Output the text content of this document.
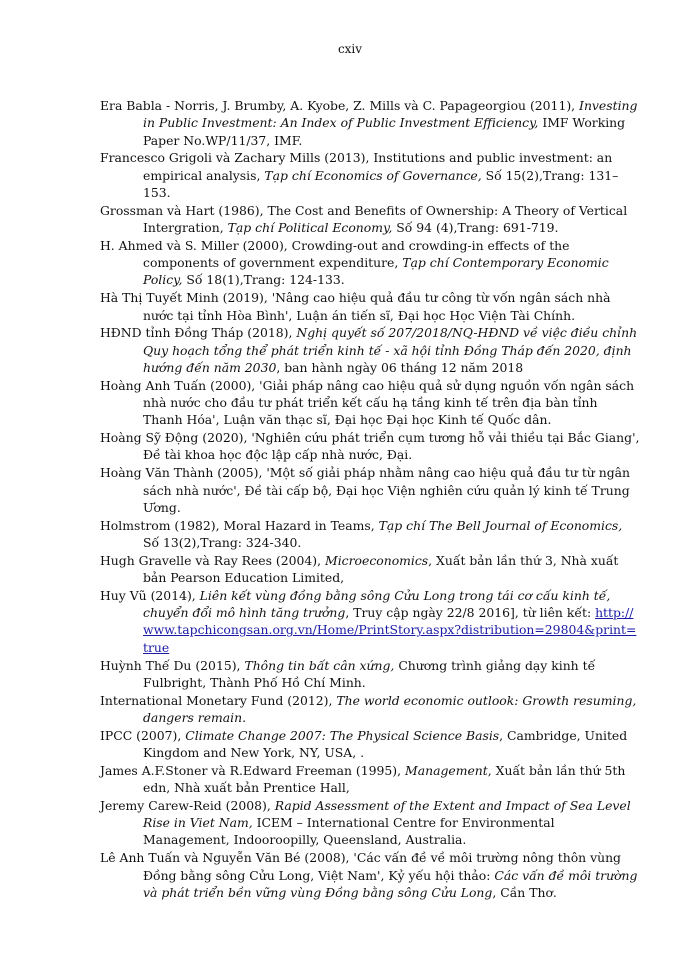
cxiv
Era Babla - Norris, J. Brumby, A. Kyobe, Z. Mills và C. Papageorgiou (2011), Investing in Public Investment: An Index of Public Investment Efficiency, IMF Working Paper No.WP/11/37, IMF.
Francesco Grigoli và Zachary Mills (2013), Institutions and public investment: an empirical analysis, Tạp chí Economics of Governance, Số 15(2),Trang: 131–153.
Grossman và Hart (1986), The Cost and Benefits of Ownership: A Theory of Vertical Intergration, Tạp chí Political Economy, Số 94 (4),Trang: 691-719.
H. Ahmed và S. Miller (2000), Crowding-out and crowding-in effects of the components of government expenditure, Tạp chí Contemporary Economic Policy, Số 18(1),Trang: 124-133.
Hà Thị Tuyết Minh (2019), 'Nâng cao hiệu quả đầu tư công từ vốn ngân sách nhà nước tại tỉnh Hòa Bình', Luận án tiến sĩ, Đại học Học Viện Tài Chính.
HĐND tỉnh Đồng Tháp (2018), Nghị quyết số 207/2018/NQ-HĐND về việc điều chỉnh Quy hoạch tổng thể phát triển kinh tế - xã hội tỉnh Đồng Tháp đến 2020, định hướng đến năm 2030, ban hành ngày 06 tháng 12 năm 2018
Hoàng Anh Tuấn (2000), 'Giải pháp nâng cao hiệu quả sử dụng nguồn vốn ngân sách nhà nước cho đầu tư phát triển kết cấu hạ tầng kinh tế trên địa bàn tỉnh Thanh Hóa', Luận văn thạc sĩ, Đại học Đại học Kinh tế Quốc dân.
Hoàng Sỹ Động (2020), 'Nghiên cứu phát triển cụm tương hỗ vải thiều tại Bắc Giang', Đề tài khoa học độc lập cấp nhà nước, Đại.
Hoàng Văn Thành (2005), 'Một số giải pháp nhằm nâng cao hiệu quả đầu tư từ ngân sách nhà nước', Đề tài cấp bộ, Đại học Viện nghiên cứu quản lý kinh tế Trung Ương.
Holmstrom (1982), Moral Hazard in Teams, Tạp chí The Bell Journal of Economics, Số 13(2),Trang: 324-340.
Hugh Gravelle và Ray Rees (2004), Microeconomics, Xuất bản lần thứ 3, Nhà xuất bản Pearson Education Limited,
Huy Vũ (2014), Liên kết vùng đồng bằng sông Cửu Long trong tái cơ cấu kinh tế, chuyển đổi mô hình tăng trưởng, Truy cập ngày 22/8 2016], từ liên kết: http://www.tapchicongsan.org.vn/Home/PrintStory.aspx?distribution=29804&print=true
Huỳnh Thế Du (2015), Thông tin bất cân xứng, Chương trình giảng dạy kinh tế Fulbright, Thành Phố Hồ Chí Minh.
International Monetary Fund (2012), The world economic outlook: Growth resuming, dangers remain.
IPCC (2007), Climate Change 2007: The Physical Science Basis, Cambridge, United Kingdom and New York, NY, USA, .
James A.F.Stoner và R.Edward Freeman (1995), Management, Xuất bản lần thứ 5th edn, Nhà xuất bản Prentice Hall,
Jeremy Carew-Reid (2008), Rapid Assessment of the Extent and Impact of Sea Level Rise in Viet Nam, ICEM – International Centre for Environmental Management, Indooroopilly, Queensland, Australia.
Lê Anh Tuấn và Nguyễn Văn Bé (2008), 'Các vấn đề về môi trường nông thôn vùng Đồng bằng sông Cửu Long, Việt Nam', Kỷ yếu hội thảo: Các vấn đề môi trường và phát triển bền vững vùng Đồng bằng sông Cửu Long, Cần Thơ.
